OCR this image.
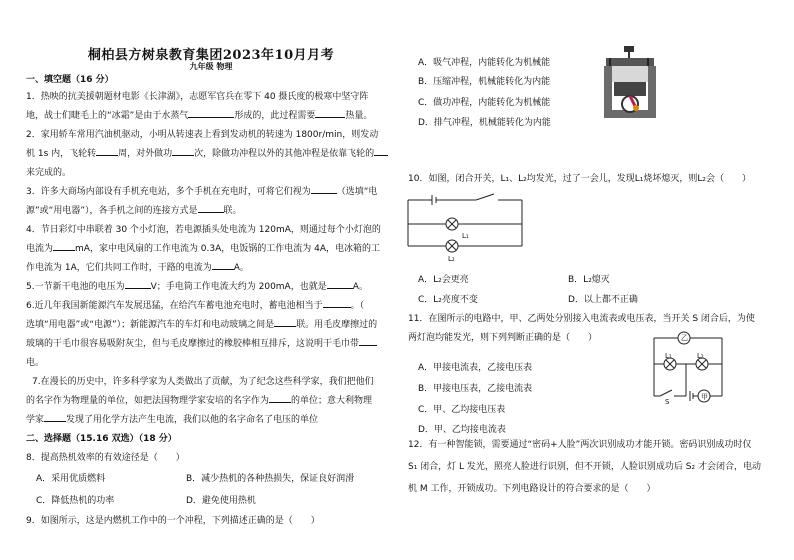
桐柏县方树泉教育集团2023年10月月考
九年级 物理
一、填空题（16 分）

1．热映的抗美援朝题材电影《长津湖》，志愿军官兵在零下 40 摄氏度的极寒中坚守阵
地，战士们睫毛上的“冰霜”是由于水蒸气	形成的，此过程需要	热量。

2．家用轿车常用汽油机驱动，小明从转速表上看到发动机的转速为 1800r/min，则发动
机 1s 内，飞轮转 周，对外做功 次，除做功冲程以外的其他冲程是依靠飞轮的
来完成的。

3．许多大商场内部设有手机充电站，多个手机在充电时，可将它们视为	（选填“电
源”或“用电器”），各手机之间的连接方式是	联。

4．节日彩灯中串联着 30 个小灯泡，若电源插头处电流为 120mA，则通过每个小灯泡的
电流为 mA，家中电风扇的工作电流为 0.3A，电饭锅的工作电流为 4A，电冰箱的工
作电流为 1A，它们共同工作时，干路的电流为 A。

5.一节新干电池的电压为	V；手电筒工作电流大约为 200mA，也就是	A。

6.近几年我国新能源汽车发展迅猛，在给汽车蓄电池充电时，蓄电池相当于	。（
选填“用电器”或“电源”）；新能源汽车的车灯和电动玻璃之间是 联。用毛皮摩擦过的
玻璃的干毛巾很容易吸附灰尘，但与毛皮摩擦过的橡胶棒相互排斥，这说明干毛巾带
电。

7.在漫长的历史中，许多科学家为人类做出了贡献，为了纪念这些科学家，我们把他们
的名字作为物理量的单位，如把法国物理学家安培的名字作为 的单位；意大利物理
学家 发现了用化学方法产生电流，我们以他的名字命名了电压的单位

二、选择题（15.16 双选）（18 分）

8．提高热机效率的有效途径是（　　）

A．采用优质燃料	B．减少热机的各种热损失，保证良好润滑
C．降低热机的功率	D．避免使用热机

9．如图所示，这是内燃机工作中的一个冲程，下列描述正确的是（　　）

A．吸气冲程，内能转化为机械能
B．压缩冲程，机械能转化为内能
C．做功冲程，内能转化为机械能
D．排气冲程，机械能转化为内能

10．如图，闭合开关，L₁、L₂均发光，过了一会儿，发现L₁烧坏熄灭，则L₂会（　　）

L₁
L₂
A．L₂会更亮	B．L₂熄灭
C．L₂亮度不变	D．以上都不正确

11．在图所示的电路中，甲、乙两处分别接入电流表或电压表，当开关 S 闭合后，为使
两灯泡均能发光，则下列判断正确的是（　　）

A．甲接电流表，乙接电压表
B．甲接电压表，乙接电流表
C．甲、乙均接电压表
D．甲、乙均接电流表
乙
L₁	L₂
S
甲

12．有一种智能锁，需要通过“密码+人脸”两次识别成功才能开锁。密码识别成功时仅
S₁ 闭合，灯 L 发光，照亮人脸进行识别，但不开锁，人脸识别成功后 S₂ 才会闭合，电动
机 M 工作，开锁成功。下列电路设计的符合要求的是（　　）
